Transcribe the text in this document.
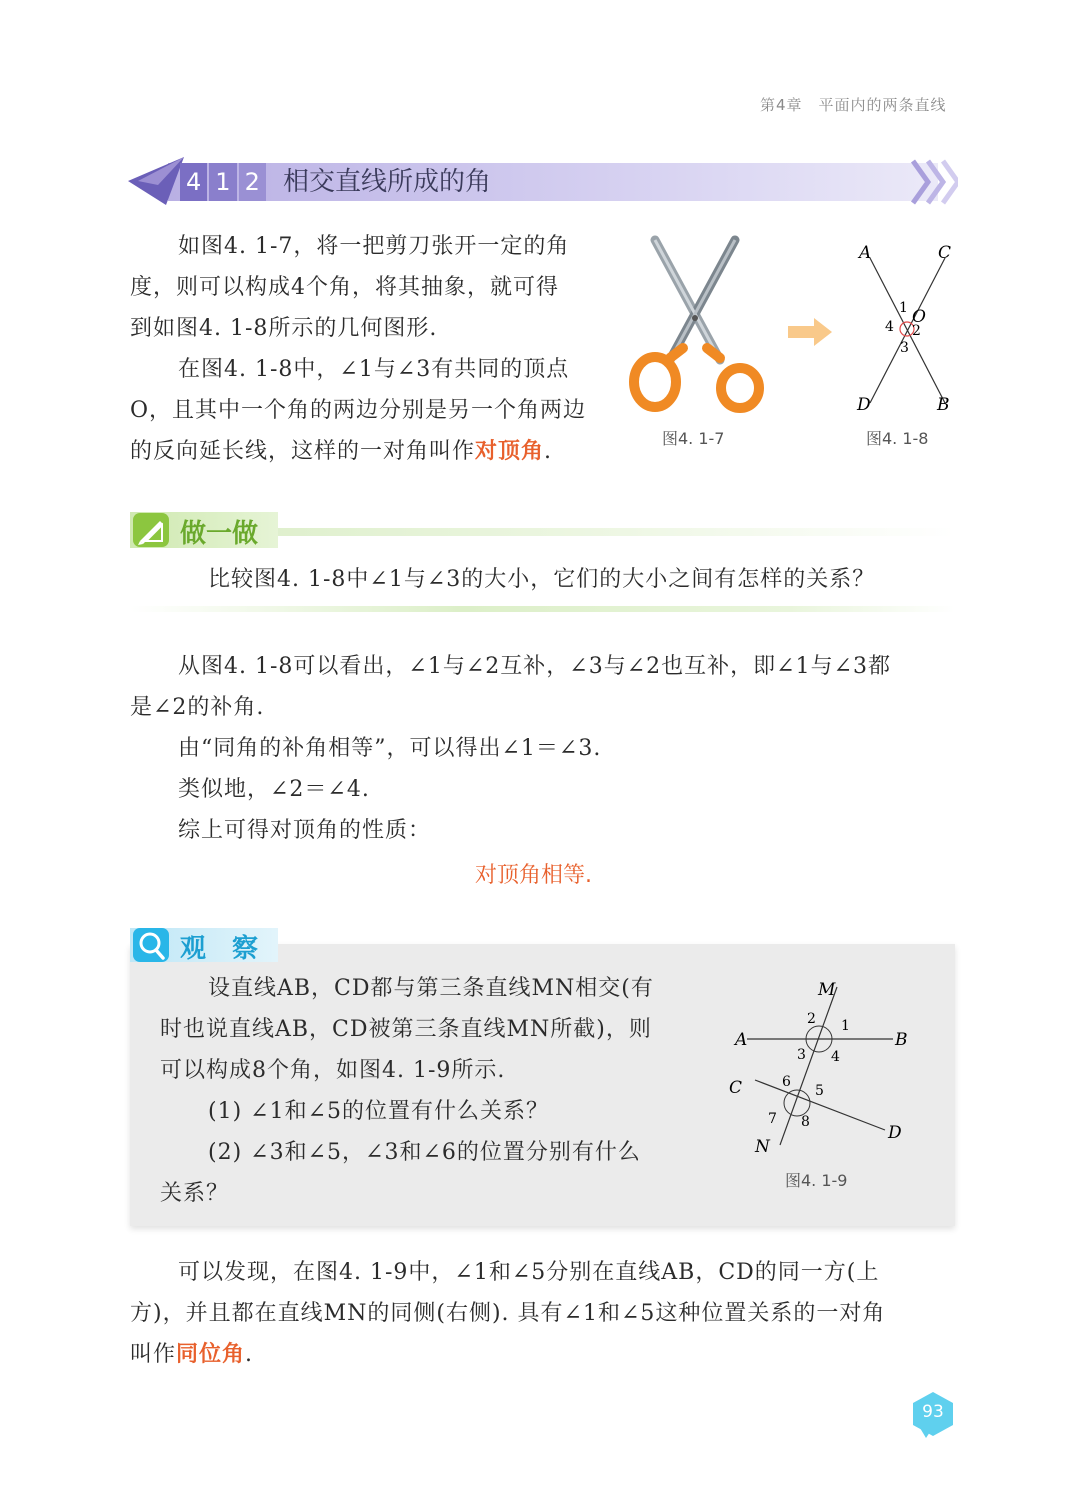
第4章　平面内的两条直线
4 1 2 相交直线所成的角

如图4. 1-7，将一把剪刀张开一定的角

度，则可以构成4个角，将其抽象，就可得

到如图4. 1-8所示的几何图形.

在图4. 1-8中，∠1与∠3有共同的顶点

O，且其中一个角的两边分别是另一个角两边

的反向延长线，这样的一对角叫作对顶角.

图4. 1-7
A	C
D	B
O
1
2
3
4
图4. 1-8
做一做
比较图4. 1-8中∠1与∠3的大小，它们的大小之间有怎样的关系？

从图4. 1-8可以看出，∠1与∠2互补，∠3与∠2也互补，即∠1与∠3都

是∠2的补角.

由“同角的补角相等”，可以得出∠1＝∠3.

类似地，∠2＝∠4.

综上可得对顶角的性质：

对顶角相等.
观　察

设直线AB，CD都与第三条直线MN相交(有

时也说直线AB，CD被第三条直线MN所截)，则

可以构成8个角，如图4. 1-9所示.

(1) ∠1和∠5的位置有什么关系？

(2) ∠3和∠5，∠3和∠6的位置分别有什么

关系？

M
N
A	B
C
D
1
2
3 4
5
6
7 8
图4. 1-9

可以发现，在图4. 1-9中，∠1和∠5分别在直线AB，CD的同一方(上

方)，并且都在直线MN的同侧(右侧). 具有∠1和∠5这种位置关系的一对角

叫作同位角.

93
